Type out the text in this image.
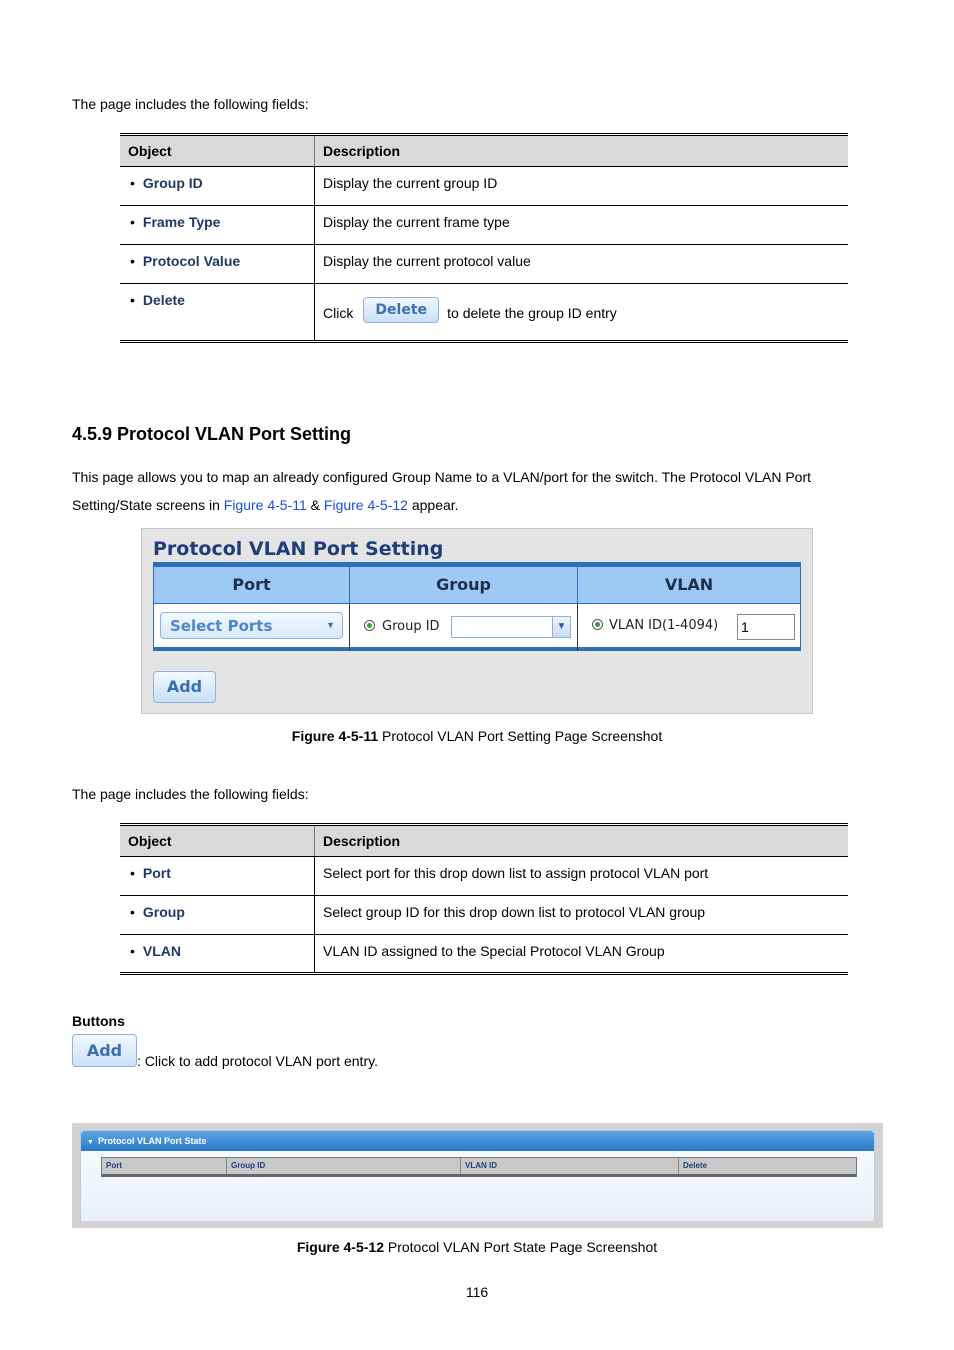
The page includes the following fields:
Object	Description
• Group ID	Display the current group ID
• Frame Type	Display the current frame type
• Protocol Value	Display the current protocol value
• Delete	Click Delete to delete the group ID entry
4.5.9 Protocol VLAN Port Setting
This page allows you to map an already configured Group Name to a VLAN/port for the switch. The Protocol VLAN Port Setting/State screens in Figure 4-5-11 & Figure 4-5-12 appear.
Protocol VLAN Port Setting
Port	Group	VLAN
Select Ports	▼	Group ID	▼	VLAN ID(1-4094) 1
Add
Figure 4-5-11 Protocol VLAN Port Setting Page Screenshot
The page includes the following fields:
Object	Description
• Port	Select port for this drop down list to assign protocol VLAN port
• Group	Select group ID for this drop down list to protocol VLAN group
• VLAN	VLAN ID assigned to the Special Protocol VLAN Group
Buttons
Add
: Click to add protocol VLAN port entry.
▼ Protocol VLAN Port State
Port	Group ID	VLAN ID	Delete
Figure 4-5-12 Protocol VLAN Port State Page Screenshot
116
